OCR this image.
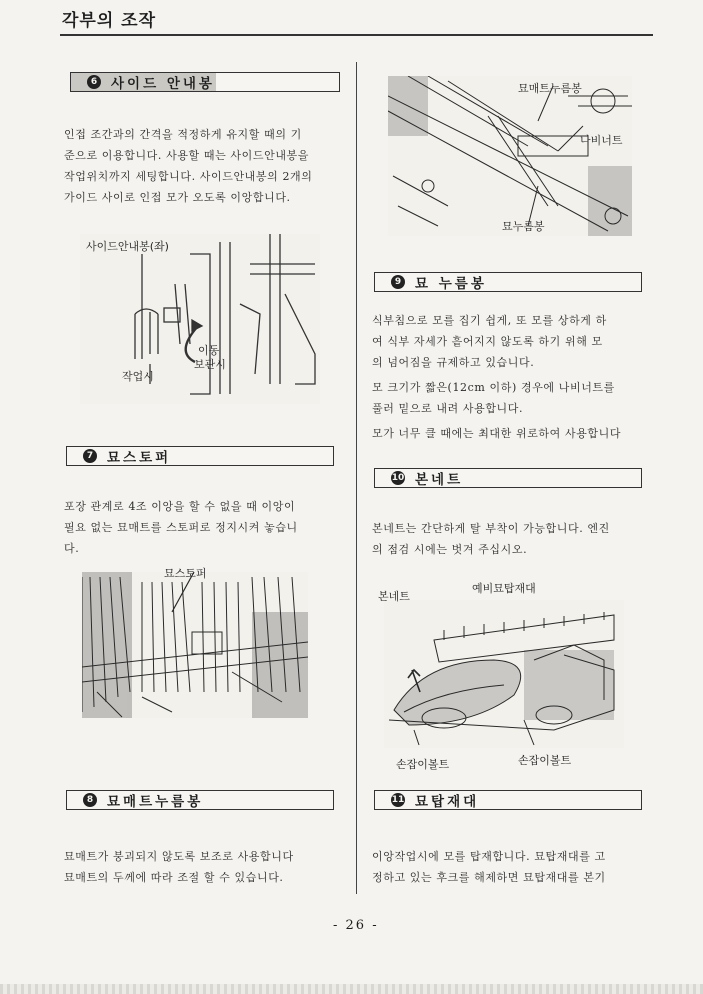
각부의 조작
6 사이드 안내봉
인접 조간과의 간격을 적정하게 유지할 때의 기
준으로 이용합니다. 사용할 때는 사이드안내봉을
작업위치까지 세팅합니다. 사이드안내봉의 2개의
가이드 사이로 인접 모가 오도록 이앙합니다.
사이드안내봉(좌)
이동
보관시
작업시
7 묘스토퍼
포장 관계로 4조 이앙을 할 수 없을 때 이앙이
필요 없는 묘매트를 스토퍼로 정지시켜 놓습니
다.
묘스토퍼
8 묘매트누름봉
묘매트가 붕괴되지 않도록 보조로 사용합니다
묘매트의 두께에 따라 조절 할 수 있습니다.
묘매트누름봉
나비너트
묘누름봉
9 묘 누름봉
식부침으로 모를 집기 쉽게, 또 모를 상하게 하
여 식부 자세가 흩어지지 않도록 하기 위해 모
의 넘어짐을 규제하고 있습니다.
모 크기가 짧은(12cm 이하) 경우에 나비너트를
풀러 밑으로 내려 사용합니다.
모가 너무 클 때에는 최대한 위로하여 사용합니다
10 본네트
본네트는 간단하게 탈 부착이 가능합니다. 엔진
의 점검 시에는 벗겨 주십시오.
본네트
예비묘탑재대
손잡이볼트	손잡이볼트
11 묘탑재대
이앙작업시에 모를 탑재합니다. 묘탑재대를 고
정하고 있는 후크를 해제하면 묘탑재대를 본기
- 26 -
